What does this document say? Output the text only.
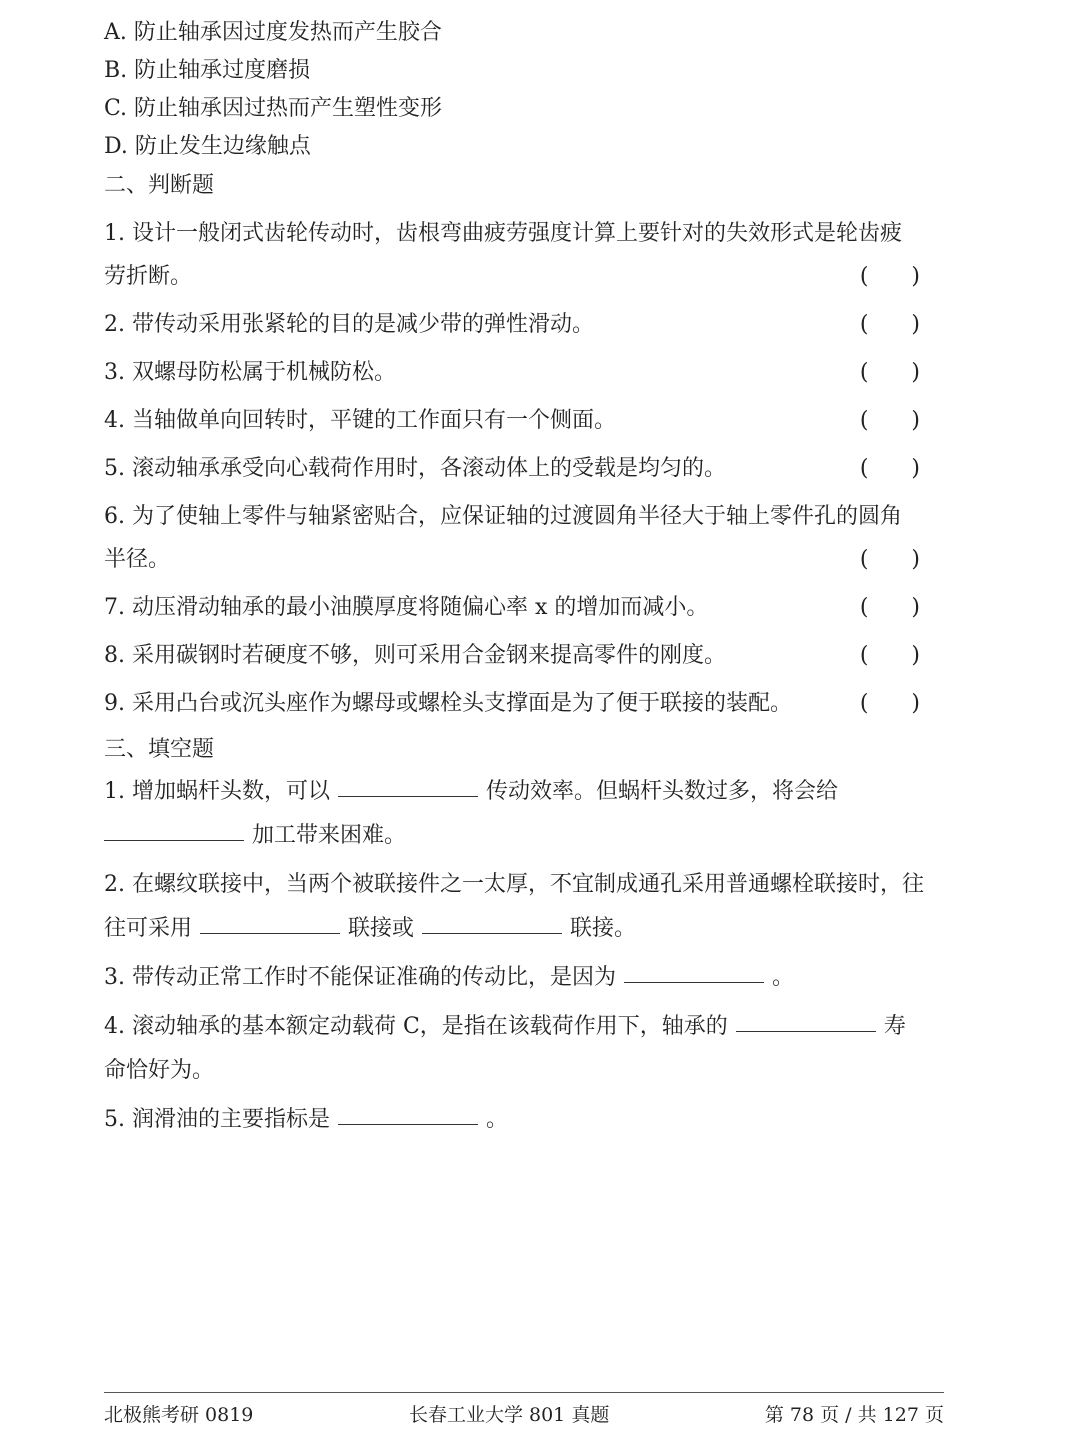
A. 防止轴承因过度发热而产生胶合
B. 防止轴承过度磨损
C. 防止轴承因过热而产生塑性变形
D. 防止发生边缘触点
二、判断题
1. 设计一般闭式齿轮传动时，齿根弯曲疲劳强度计算上要针对的失效形式是轮齿疲
劳折断。	( )
2. 带传动采用张紧轮的目的是减少带的弹性滑动。	( )
3. 双螺母防松属于机械防松。	( )
4. 当轴做单向回转时，平键的工作面只有一个侧面。	( )
5. 滚动轴承承受向心载荷作用时，各滚动体上的受载是均匀的。	( )
6. 为了使轴上零件与轴紧密贴合，应保证轴的过渡圆角半径大于轴上零件孔的圆角
半径。	( )
7. 动压滑动轴承的最小油膜厚度将随偏心率 x 的增加而减小。	( )
8. 采用碳钢时若硬度不够，则可采用合金钢来提高零件的刚度。	( )
9. 采用凸台或沉头座作为螺母或螺栓头支撑面是为了便于联接的装配。	( )
三、填空题
1. 增加蜗杆头数，可以	传动效率。但蜗杆头数过多，将会给
加工带来困难。
2. 在螺纹联接中，当两个被联接件之一太厚，不宜制成通孔采用普通螺栓联接时，往
往可采用	联接或	联接。
3. 带传动正常工作时不能保证准确的传动比，是因为	。
4. 滚动轴承的基本额定动载荷 C，是指在该载荷作用下，轴承的	寿
命恰好为。
5. 润滑油的主要指标是	。
北极熊考研 0819	长春工业大学 801 真题	第 78 页 / 共 127 页
